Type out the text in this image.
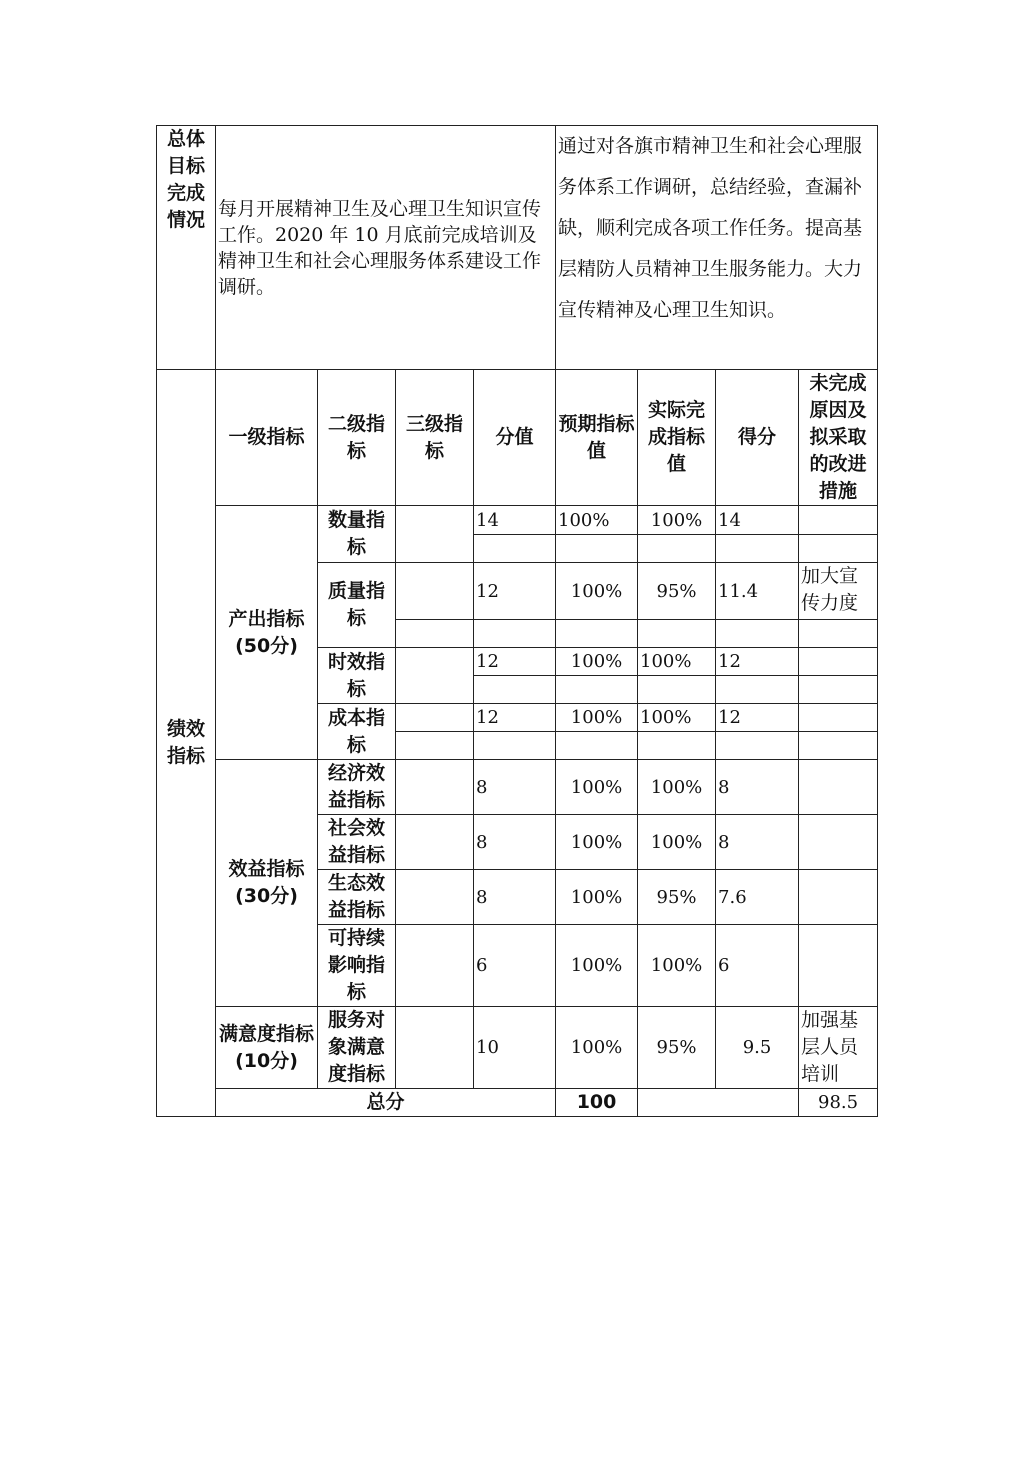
总体目标完成情况	每月开展精神卫生及心理卫生知识宣传工作。2020 年 10 月底前完成培训及精神卫生和社会心理服务体系建设工作调研。				通过对各旗市精神卫生和社会心理服务体系工作调研，总结经验，查漏补缺，顺利完成各项工作任务。提高基层精防人员精神卫生服务能力。大力宣传精神及心理卫生知识。				
绩效指标	一级指标	二级指标	三级指标	分值	预期指标值	实际完成指标值	得分	未完成原因及拟采取的改进措施	
	产出指标　(50分)	数量指标		14	100%	100%	14		

		质量指标		12	100%	95%	11.4	加大宣传力度	

		时效指标		12	100%	100%	12		

		成本指标		12	100%	100%	12		

	效益指标(30分)	经济效益指标		8	100%	100%	8		
		社会效益指标		8	100%	100%	8		
		生态效益指标		8	100%	95%	7.6		
		可持续影响指标		6	100%	100%	6		
	满意度指标(10分)	服务对象满意度指标		10	100%	95%	9.5	加强基层人员培训	
	总分				100			98.5	
